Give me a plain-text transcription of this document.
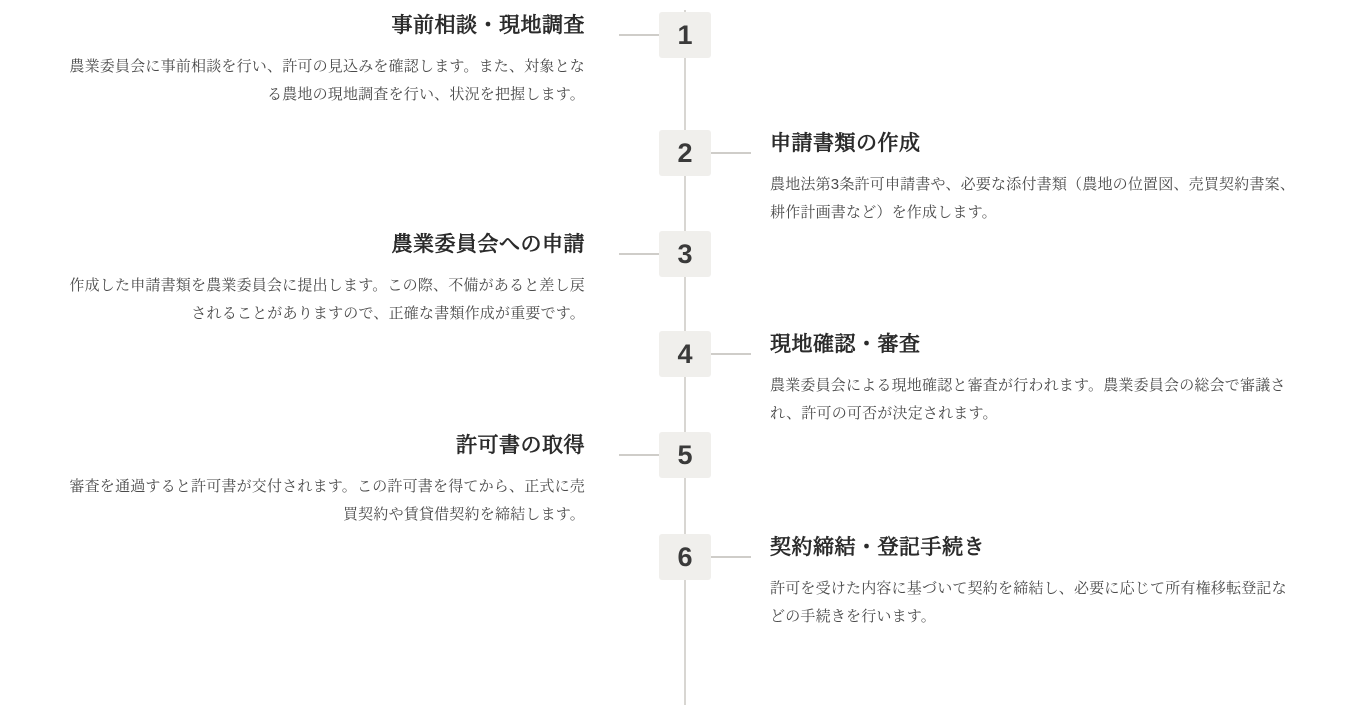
1

事前相談・現地調査

農業委員会に事前相談を行い、許可の見込みを確認します。また、対象となる農地の現地調査を行い、状況を把握します。

2	申請書類の作成

農地法第3条許可申請書や、必要な添付書類（農地の位置図、売買契約書案、耕作計画書など）を作成します。

3

農業委員会への申請

作成した申請書類を農業委員会に提出します。この際、不備があると差し戻されることがありますので、正確な書類作成が重要です。

4	現地確認・審査

農業委員会による現地確認と審査が行われます。農業委員会の総会で審議され、許可の可否が決定されます。

5

許可書の取得

審査を通過すると許可書が交付されます。この許可書を得てから、正式に売買契約や賃貸借契約を締結します。

6	契約締結・登記手続き

許可を受けた内容に基づいて契約を締結し、必要に応じて所有権移転登記などの手続きを行います。
